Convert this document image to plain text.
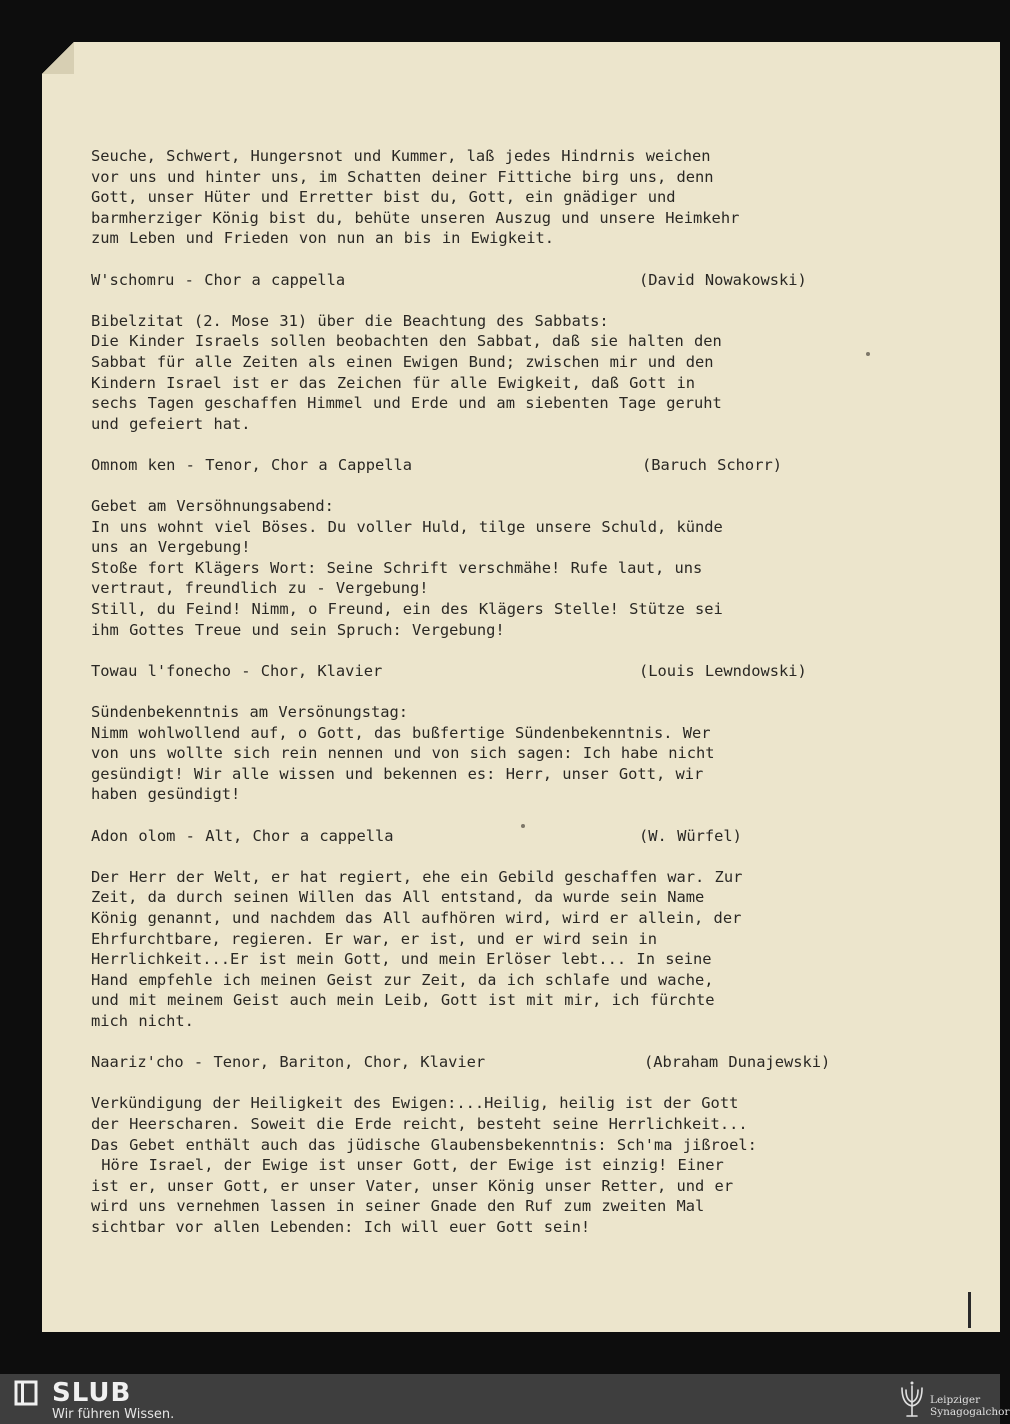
Seuche, Schwert, Hungersnot und Kummer, laß jedes Hindrnis weichen
vor uns und hinter uns, im Schatten deiner Fittiche birg uns, denn
Gott, unser Hüter und Erretter bist du, Gott, ein gnädiger und
barmherziger König bist du, behüte unseren Auszug und unsere Heimkehr
zum Leben und Frieden von nun an bis in Ewigkeit.
W'schomru - Chor a cappella	(David Nowakowski)
Bibelzitat (2. Mose 31) über die Beachtung des Sabbats:
Die Kinder Israels sollen beobachten den Sabbat, daß sie halten den
Sabbat für alle Zeiten als einen Ewigen Bund; zwischen mir und den
Kindern Israel ist er das Zeichen für alle Ewigkeit, daß Gott in
sechs Tagen geschaffen Himmel und Erde und am siebenten Tage geruht
und gefeiert hat.
Omnom ken - Tenor, Chor a Cappella	(Baruch Schorr)
Gebet am Versöhnungsabend:
In uns wohnt viel Böses. Du voller Huld, tilge unsere Schuld, künde
uns an Vergebung!
Stoße fort Klägers Wort: Seine Schrift verschmähe! Rufe laut, uns
vertraut, freundlich zu - Vergebung!
Still, du Feind! Nimm, o Freund, ein des Klägers Stelle! Stütze sei
ihm Gottes Treue und sein Spruch: Vergebung!
Towau l'fonecho - Chor, Klavier	(Louis Lewndowski)
Sündenbekenntnis am Versönungstag:
Nimm wohlwollend auf, o Gott, das bußfertige Sündenbekenntnis. Wer
von uns wollte sich rein nennen und von sich sagen: Ich habe nicht
gesündigt! Wir alle wissen und bekennen es: Herr, unser Gott, wir
haben gesündigt!
Adon olom - Alt, Chor a cappella	(W. Würfel)
Der Herr der Welt, er hat regiert, ehe ein Gebild geschaffen war. Zur
Zeit, da durch seinen Willen das All entstand, da wurde sein Name
König genannt, und nachdem das All aufhören wird, wird er allein, der
Ehrfurchtbare, regieren. Er war, er ist, und er wird sein in
Herrlichkeit...Er ist mein Gott, und mein Erlöser lebt... In seine
Hand empfehle ich meinen Geist zur Zeit, da ich schlafe und wache,
und mit meinem Geist auch mein Leib, Gott ist mit mir, ich fürchte
mich nicht.
Naariz'cho - Tenor, Bariton, Chor, Klavier	(Abraham Dunajewski)
Verkündigung der Heiligkeit des Ewigen:...Heilig, heilig ist der Gott
der Heerscharen. Soweit die Erde reicht, besteht seine Herrlichkeit...
Das Gebet enthält auch das jüdische Glaubensbekenntnis: Sch'ma jißroel:
Höre Israel, der Ewige ist unser Gott, der Ewige ist einzig! Einer
ist er, unser Gott, er unser Vater, unser König unser Retter, und er
wird uns vernehmen lassen in seiner Gnade den Ruf zum zweiten Mal
sichtbar vor allen Lebenden: Ich will euer Gott sein!
SLUB
Wir führen Wissen.
Leipziger
Synagogalchor
